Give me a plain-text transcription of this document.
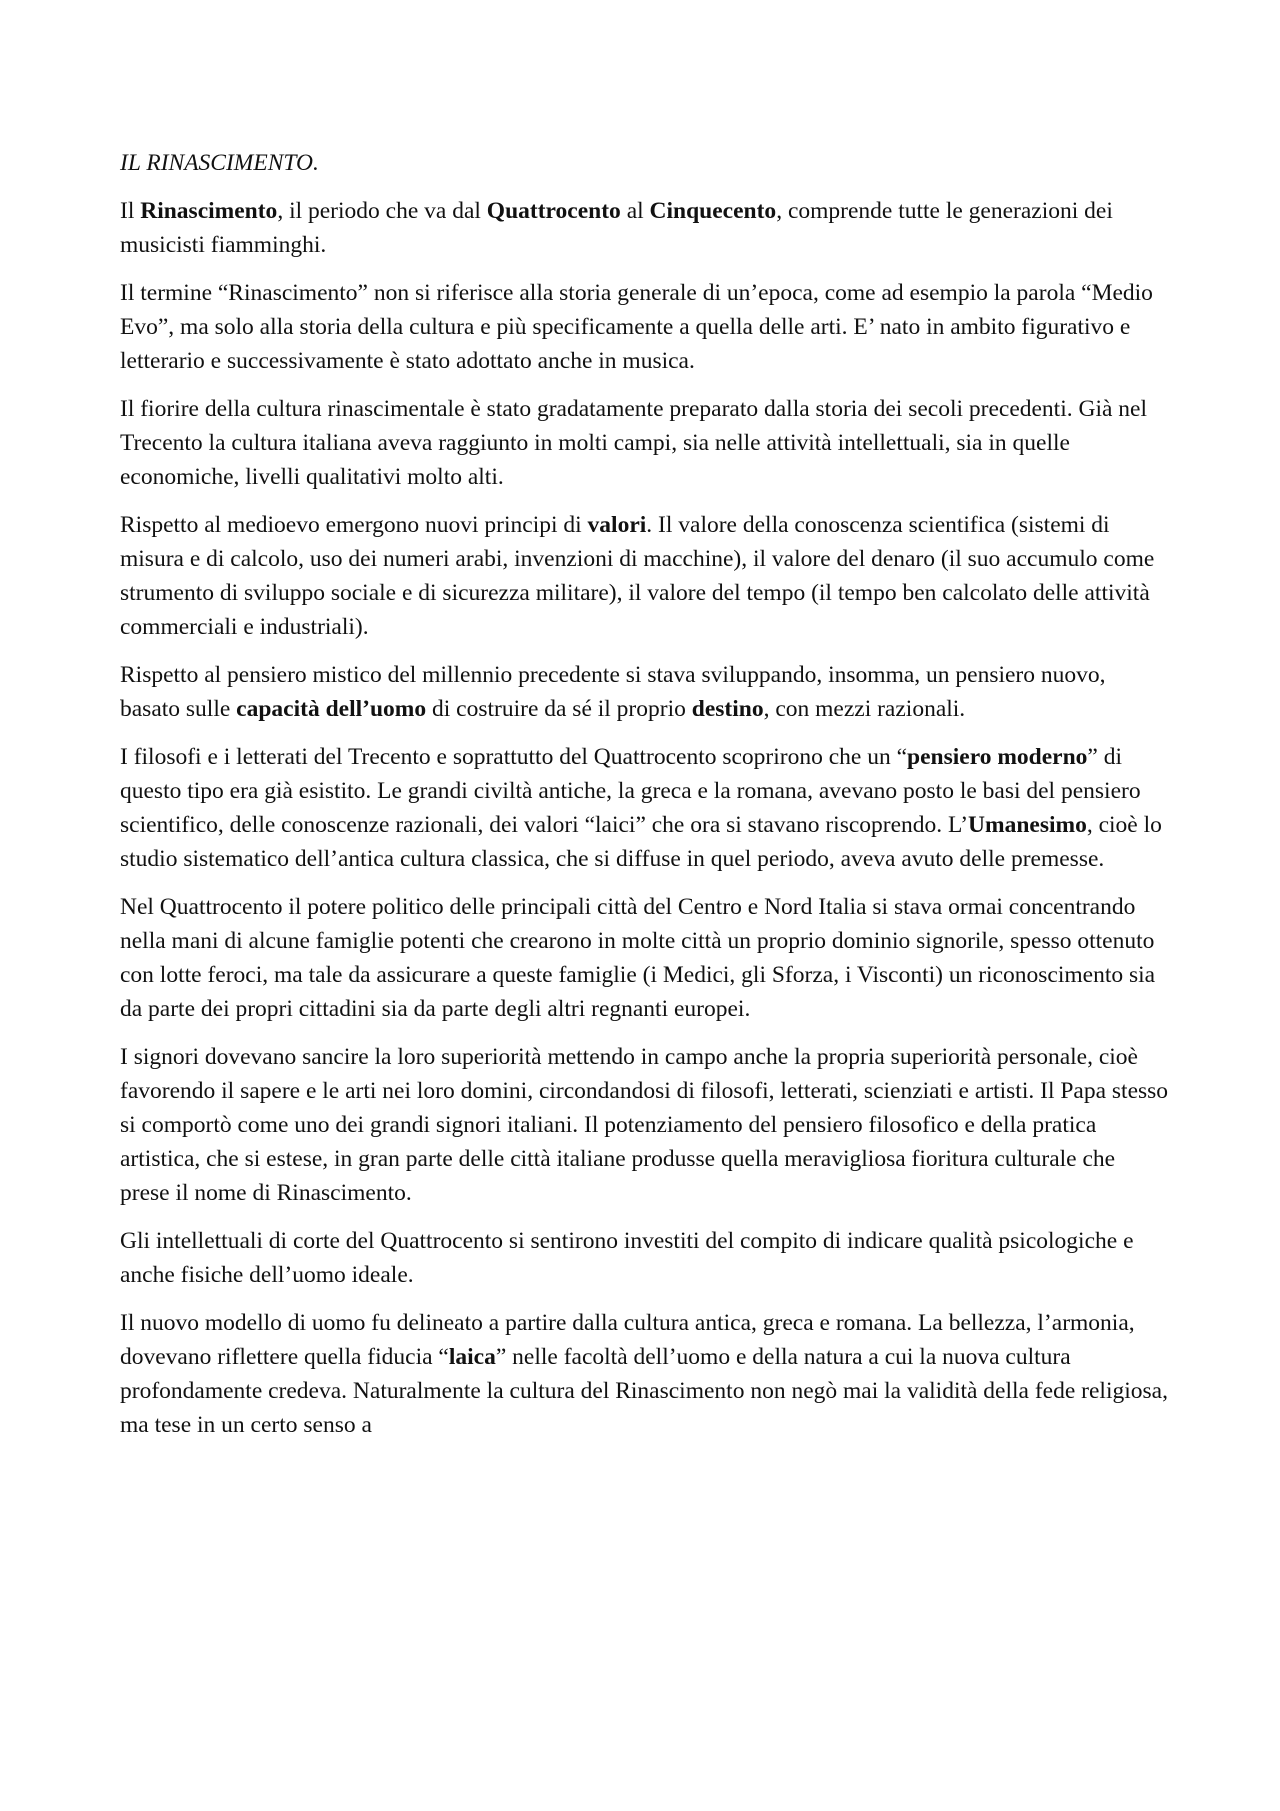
IL RINASCIMENTO.

Il Rinascimento, il periodo che va dal Quattrocento al Cinquecento, comprende tutte le generazioni dei musicisti fiamminghi.

Il termine “Rinascimento” non si riferisce alla storia generale di un’epoca, come ad esempio la parola “Medio Evo”, ma solo alla storia della cultura e più specificamente a quella delle arti. E’ nato in ambito figurativo e letterario e successivamente è stato adottato anche in musica.

Il fiorire della cultura rinascimentale è stato gradatamente preparato dalla storia dei secoli precedenti. Già nel Trecento la cultura italiana aveva raggiunto in molti campi, sia nelle attività intellettuali, sia in quelle economiche, livelli qualitativi molto alti.

Rispetto al medioevo emergono nuovi principi di valori. Il valore della conoscenza scientifica (sistemi di misura e di calcolo, uso dei numeri arabi, invenzioni di macchine), il valore del denaro (il suo accumulo come strumento di sviluppo sociale e di sicurezza militare), il valore del tempo (il tempo ben calcolato delle attività commerciali e industriali).

Rispetto al pensiero mistico del millennio precedente si stava sviluppando, insomma, un pensiero nuovo, basato sulle capacità dell’uomo di costruire da sé il proprio destino, con mezzi razionali.

I filosofi e i letterati del Trecento e soprattutto del Quattrocento scoprirono che un “pensiero moderno” di questo tipo era già esistito. Le grandi civiltà antiche, la greca e la romana, avevano posto le basi del pensiero scientifico, delle conoscenze razionali, dei valori “laici” che ora si stavano riscoprendo. L’Umanesimo, cioè lo studio sistematico dell’antica cultura classica, che si diffuse in quel periodo, aveva avuto delle premesse.

Nel Quattrocento il potere politico delle principali città del Centro e Nord Italia si stava ormai concentrando nella mani di alcune famiglie potenti che crearono in molte città un proprio dominio signorile, spesso ottenuto con lotte feroci, ma tale da assicurare a queste famiglie (i Medici, gli Sforza, i Visconti) un riconoscimento sia da parte dei propri cittadini sia da parte degli altri regnanti europei.

I signori dovevano sancire la loro superiorità mettendo in campo anche la propria superiorità personale, cioè favorendo il sapere e le arti nei loro domini, circondandosi di filosofi, letterati, scienziati e artisti. Il Papa stesso si comportò come uno dei grandi signori italiani. Il potenziamento del pensiero filosofico e della pratica artistica, che si estese, in gran parte delle città italiane produsse quella meravigliosa fioritura culturale che prese il nome di Rinascimento.

Gli intellettuali di corte del Quattrocento si sentirono investiti del compito di indicare qualità psicologiche e anche fisiche dell’uomo ideale.

Il nuovo modello di uomo fu delineato a partire dalla cultura antica, greca e romana. La bellezza, l’armonia, dovevano riflettere quella fiducia “laica” nelle facoltà dell’uomo e della natura a cui la nuova cultura profondamente credeva. Naturalmente la cultura del Rinascimento non negò mai la validità della fede religiosa, ma tese in un certo senso a
